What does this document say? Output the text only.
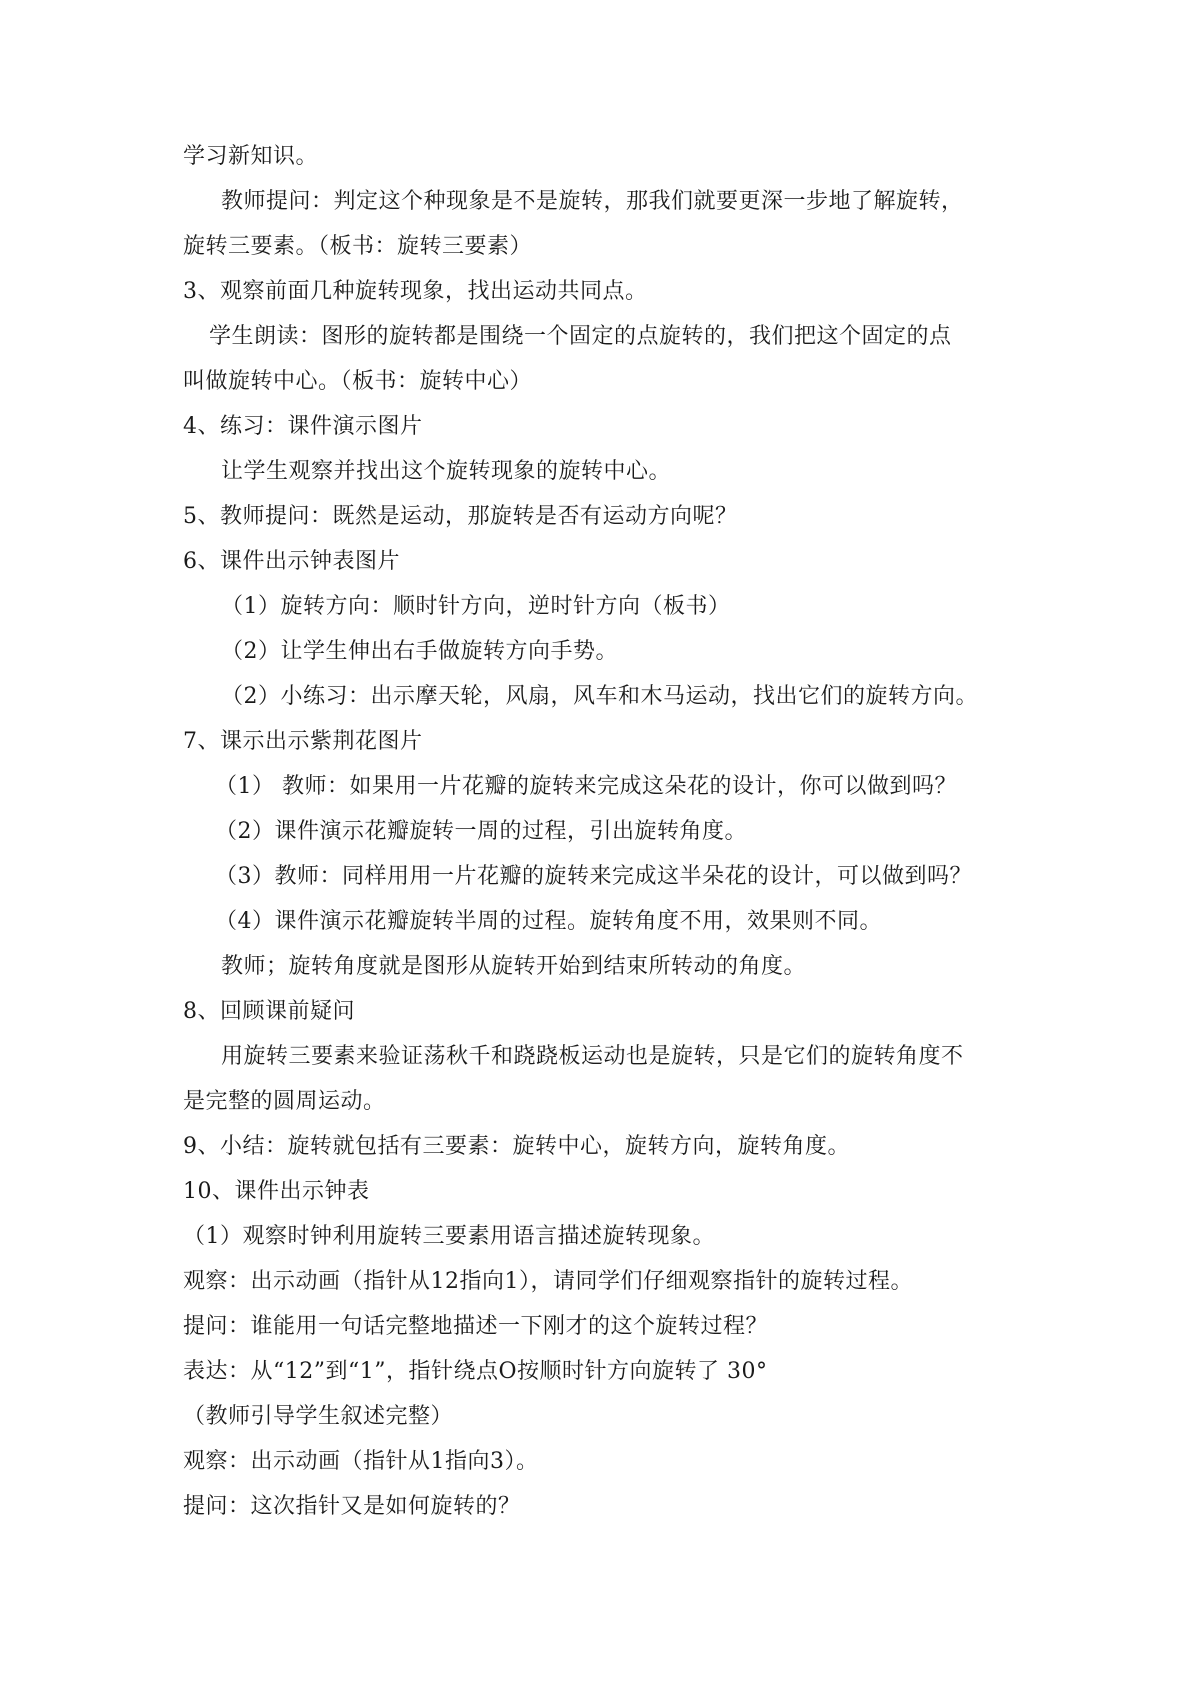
学习新知识。
教师提问：判定这个种现象是不是旋转，那我们就要更深一步地了解旋转，
旋转三要素。（板书：旋转三要素）
3、观察前面几种旋转现象，找出运动共同点。
学生朗读：图形的旋转都是围绕一个固定的点旋转的，我们把这个固定的点
叫做旋转中心。（板书：旋转中心）
4、练习：课件演示图片
让学生观察并找出这个旋转现象的旋转中心。
5、教师提问：既然是运动，那旋转是否有运动方向呢？
6、课件出示钟表图片
（1）旋转方向：顺时针方向，逆时针方向（板书）
（2）让学生伸出右手做旋转方向手势。
（2）小练习：出示摩天轮，风扇，风车和木马运动，找出它们的旋转方向。
7、课示出示紫荆花图片
（1） 教师：如果用一片花瓣的旋转来完成这朵花的设计，你可以做到吗？
（2）课件演示花瓣旋转一周的过程，引出旋转角度。
（3）教师：同样用用一片花瓣的旋转来完成这半朵花的设计，可以做到吗？
（4）课件演示花瓣旋转半周的过程。旋转角度不用，效果则不同。
教师；旋转角度就是图形从旋转开始到结束所转动的角度。
8、回顾课前疑问
用旋转三要素来验证荡秋千和跷跷板运动也是旋转，只是它们的旋转角度不
是完整的圆周运动。
9、小结：旋转就包括有三要素：旋转中心，旋转方向，旋转角度。
10、课件出示钟表
（1）观察时钟利用旋转三要素用语言描述旋转现象。
观察：出示动画（指针从12指向1），请同学们仔细观察指针的旋转过程。
提问：谁能用一句话完整地描述一下刚才的这个旋转过程？
表达：从“12”到“1”，指针绕点O按顺时针方向旋转了 30°
（教师引导学生叙述完整）
观察：出示动画（指针从1指向3）。
提问：这次指针又是如何旋转的？
